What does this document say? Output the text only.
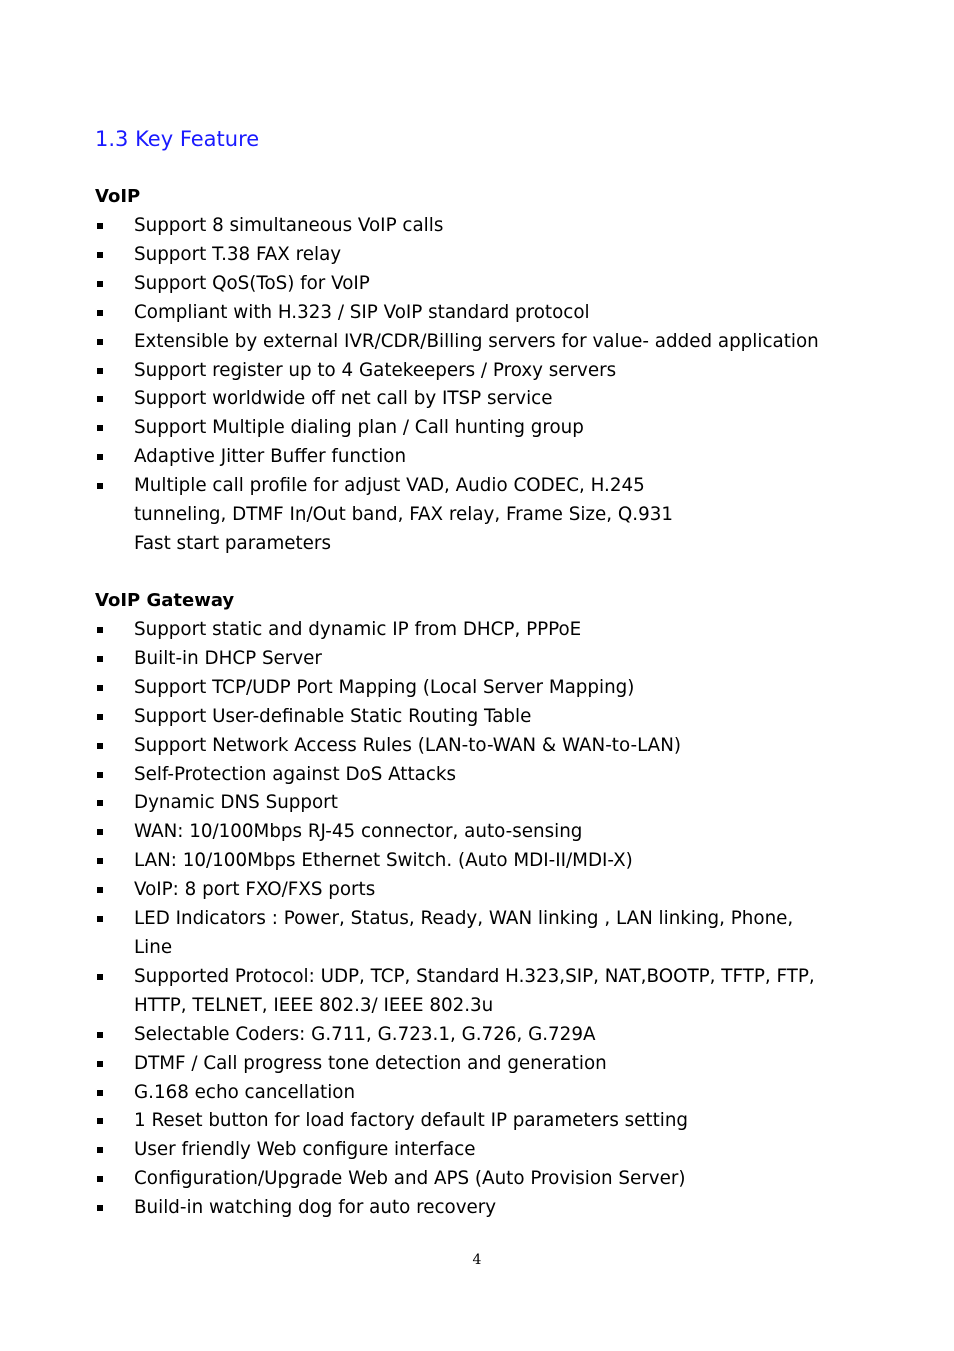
1.3 Key Feature
VoIP
Support 8 simultaneous VoIP calls
Support T.38 FAX relay
Support QoS(ToS) for VoIP
Compliant with H.323 / SIP VoIP standard protocol
Extensible by external IVR/CDR/Billing servers for value- added application
Support register up to 4 Gatekeepers / Proxy servers
Support worldwide off net call by ITSP service
Support Multiple dialing plan / Call hunting group
Adaptive Jitter Buffer function
Multiple call profile for adjust VAD, Audio CODEC, H.245
tunneling, DTMF In/Out band, FAX relay, Frame Size, Q.931
Fast start parameters
VoIP Gateway
Support static and dynamic IP from DHCP, PPPoE
Built-in DHCP Server
Support TCP/UDP Port Mapping (Local Server Mapping)
Support User-definable Static Routing Table
Support Network Access Rules (LAN-to-WAN & WAN-to-LAN)
Self-Protection against DoS Attacks
Dynamic DNS Support
WAN: 10/100Mbps RJ-45 connector, auto-sensing
LAN: 10/100Mbps Ethernet Switch. (Auto MDI-II/MDI-X)
VoIP: 8 port FXO/FXS ports
LED Indicators : Power, Status, Ready, WAN linking , LAN linking, Phone,
Line
Supported Protocol: UDP, TCP, Standard H.323,SIP, NAT,BOOTP, TFTP, FTP,
HTTP, TELNET, IEEE 802.3/ IEEE 802.3u
Selectable Coders: G.711, G.723.1, G.726, G.729A
DTMF / Call progress tone detection and generation
G.168 echo cancellation
1 Reset button for load factory default IP parameters setting
User friendly Web configure interface
Configuration/Upgrade Web and APS (Auto Provision Server)
Build-in watching dog for auto recovery
4
